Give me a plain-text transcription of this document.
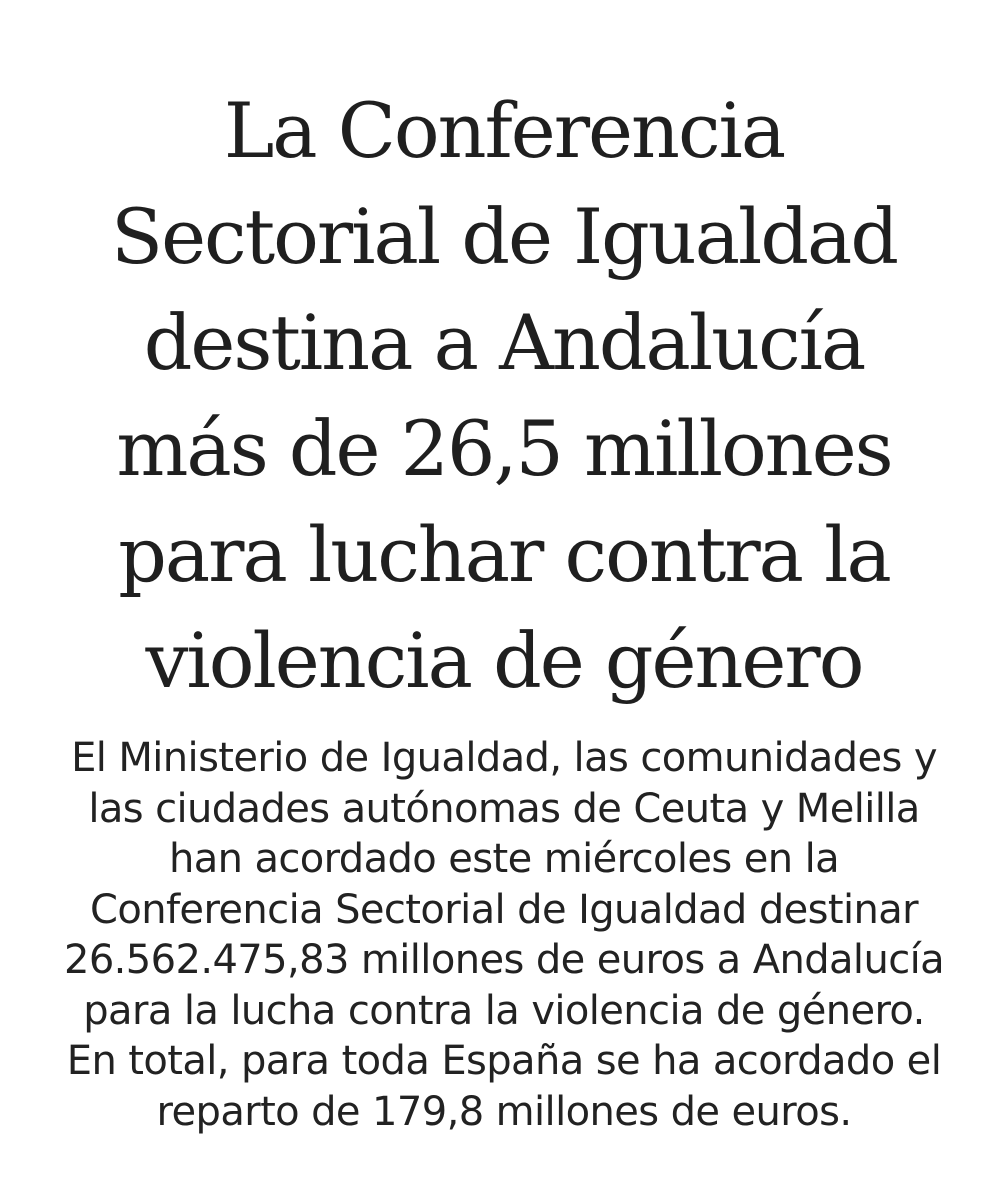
La Conferencia
Sectorial de Igualdad
destina a Andalucía
más de 26,5 millones
para luchar contra la
violencia de género

El Ministerio de Igualdad, las comunidades y
las ciudades autónomas de Ceuta y Melilla
han acordado este miércoles en la
Conferencia Sectorial de Igualdad destinar
26.562.475,83 millones de euros a Andalucía
para la lucha contra la violencia de género.
En total, para toda España se ha acordado el
reparto de 179,8 millones de euros.
